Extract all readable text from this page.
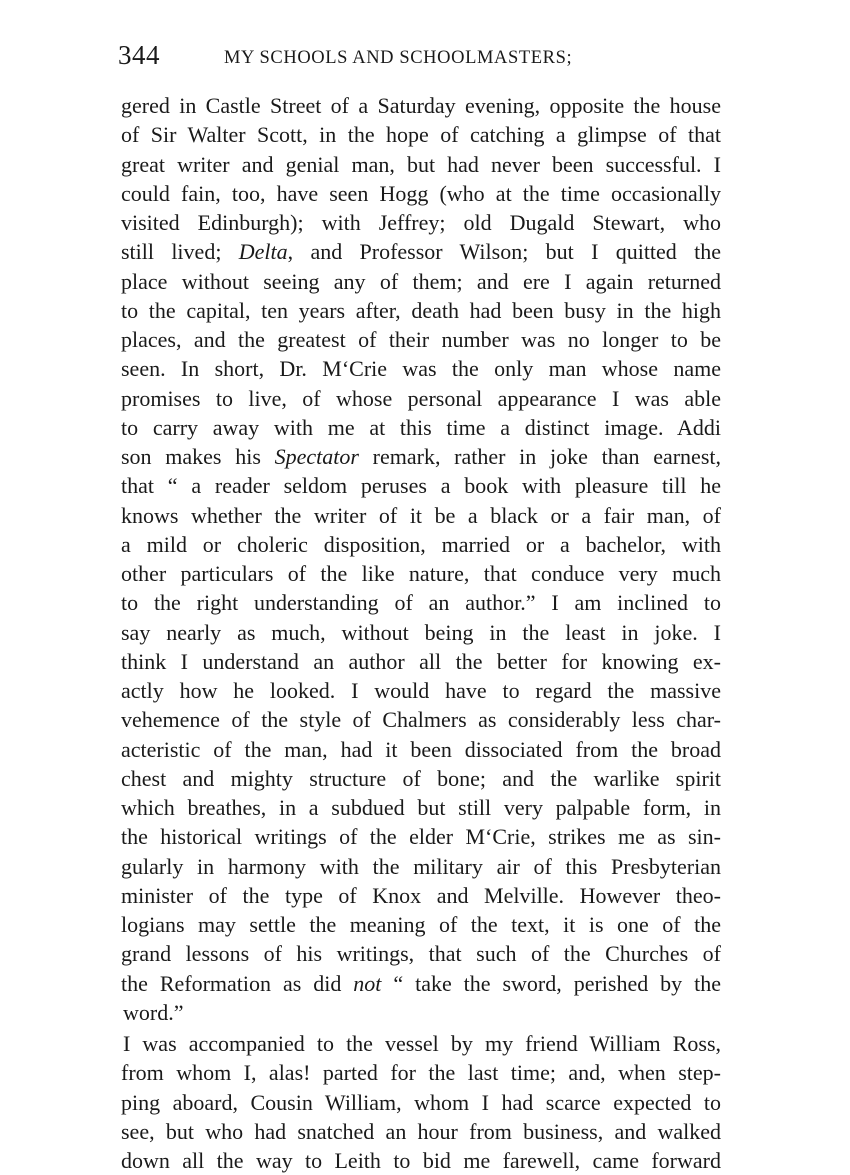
344	MY SCHOOLS AND SCHOOLMASTERS;
gered in Castle Street of a Saturday evening, opposite the house
of Sir Walter Scott, in the hope of catching a glimpse of that
great writer and genial man, but had never been successful. I
could fain, too, have seen Hogg (who at the time occasionally
visited Edinburgh); with Jeffrey; old Dugald Stewart, who
still lived; Delta, and Professor Wilson; but I quitted the
place without seeing any of them; and ere I again returned
to the capital, ten years after, death had been busy in the high
places, and the greatest of their number was no longer to be
seen. In short, Dr. M‘Crie was the only man whose name
promises to live, of whose personal appearance I was able
to carry away with me at this time a distinct image. Addi
son makes his Spectator remark, rather in joke than earnest,
that “ a reader seldom peruses a book with pleasure till he
knows whether the writer of it be a black or a fair man, of
a mild or choleric disposition, married or a bachelor, with
other particulars of the like nature, that conduce very much
to the right understanding of an author.” I am inclined to
say nearly as much, without being in the least in joke. I
think I understand an author all the better for knowing ex-
actly how he looked. I would have to regard the massive
vehemence of the style of Chalmers as considerably less char-
acteristic of the man, had it been dissociated from the broad
chest and mighty structure of bone; and the warlike spirit
which breathes, in a subdued but still very palpable form, in
the historical writings of the elder M‘Crie, strikes me as sin-
gularly in harmony with the military air of this Presbyterian
minister of the type of Knox and Melville. However theo-
logians may settle the meaning of the text, it is one of the
grand lessons of his writings, that such of the Churches of
the Reformation as did not “ take the sword, perished by the
word.”
I was accompanied to the vessel by my friend William Ross,
from whom I, alas! parted for the last time; and, when step-
ping aboard, Cousin William, whom I had scarce expected to
see, but who had snatched an hour from business, and walked
down all the way to Leith to bid me farewell, came forward
